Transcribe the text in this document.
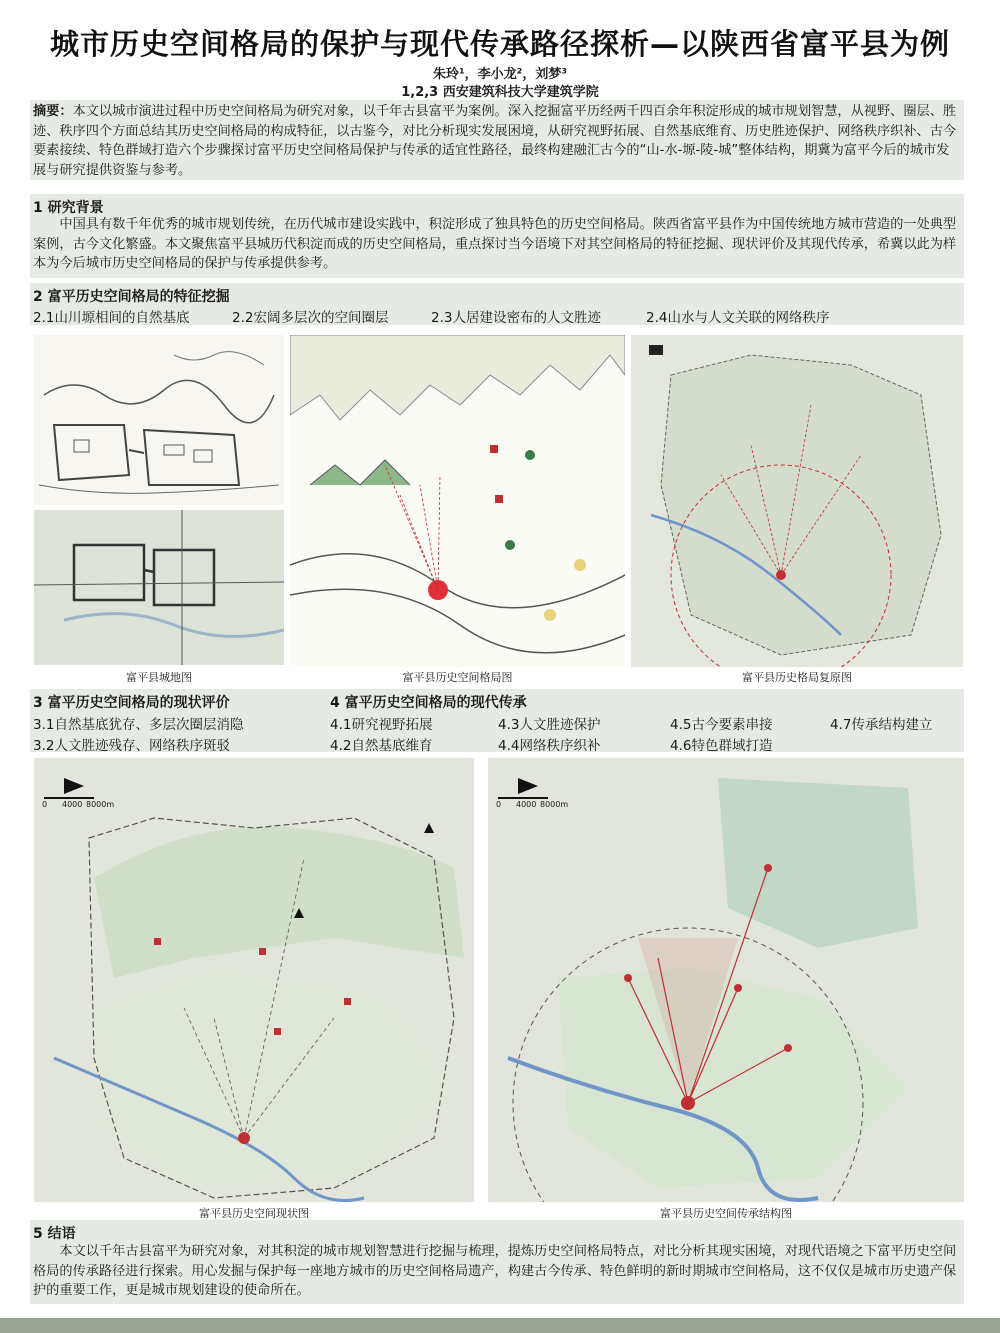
城市历史空间格局的保护与现代传承路径探析—以陕西省富平县为例
朱玲¹，李小龙²，刘梦³
1,2,3 西安建筑科技大学建筑学院
摘要：本文以城市演进过程中历史空间格局为研究对象，以千年古县富平为案例。深入挖掘富平历经两千四百余年积淀形成的城市规划智慧，从视野、圈层、胜迹、秩序四个方面总结其历史空间格局的构成特征，以古鉴今，对比分析现实发展困境，从研究视野拓展、自然基底维育、历史胜迹保护、网络秩序织补、古今要素接续、特色群域打造六个步骤探讨富平历史空间格局保护与传承的适宜性路径，最终构建融汇古今的“山-水-塬-陵-城”整体结构，期冀为富平今后的城市发展与研究提供资鉴与参考。
1 研究背景
中国具有数千年优秀的城市规划传统，在历代城市建设实践中，积淀形成了独具特色的历史空间格局。陕西省富平县作为中国传统地方城市营造的一处典型案例，古今文化繁盛。本文聚焦富平县城历代积淀而成的历史空间格局，重点探讨当今语境下对其空间格局的特征挖掘、现状评价及其现代传承，希冀以此为样本为今后城市历史空间格局的保护与传承提供参考。
2 富平历史空间格局的特征挖掘
2.1山川塬相间的自然基底	2.2宏阔多层次的空间圈层	2.3人居建设密布的人文胜迹	2.4山水与人文关联的网络秩序
富平县城地图	富平县历史空间格局图	富平县历史格局复原图
3 富平历史空间格局的现状评价
3.1自然基底犹存、多层次圈层消隐
3.2人文胜迹残存、网络秩序斑驳
4 富平历史空间格局的现代传承
4.1研究视野拓展
4.2自然基底维育
4.3人文胜迹保护
4.4网络秩序织补
4.5古今要素串接
4.6特色群域打造
4.7传承结构建立
0 4000 8000m
富平县历史空间现状图
0 4000 8000m
富平县历史空间传承结构图
5 结语
本文以千年古县富平为研究对象，对其积淀的城市规划智慧进行挖掘与梳理，提炼历史空间格局特点，对比分析其现实困境，对现代语境之下富平历史空间格局的传承路径进行探索。用心发掘与保护每一座地方城市的历史空间格局遗产，构建古今传承、特色鲜明的新时期城市空间格局，这不仅仅是城市历史遗产保护的重要工作，更是城市规划建设的使命所在。
